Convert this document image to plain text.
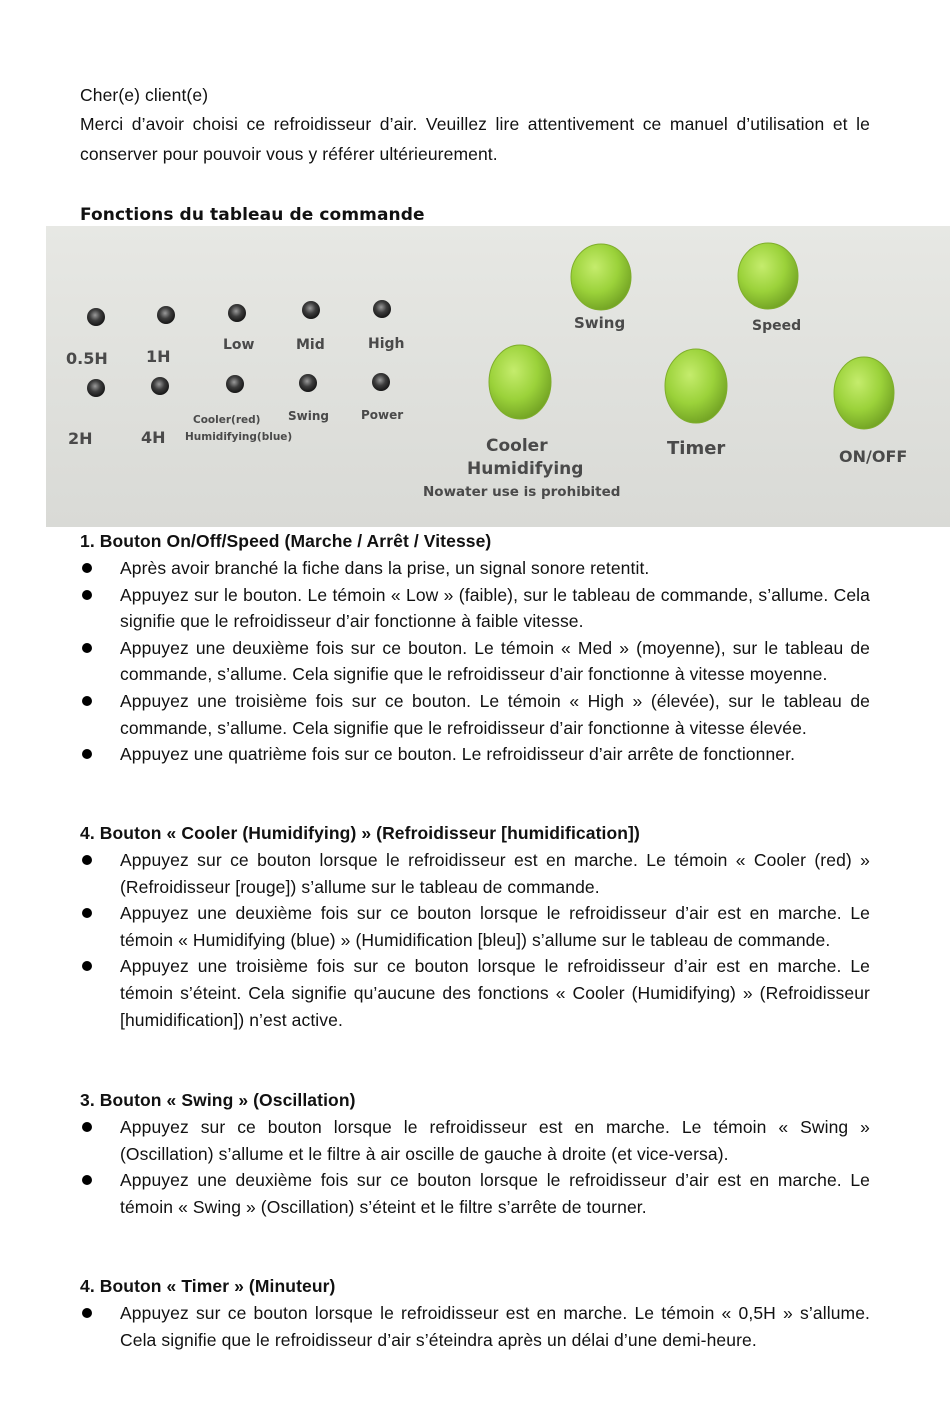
Cher(e) client(e)
Merci d’avoir choisi ce refroidisseur d’air. Veuillez lire attentivement ce manuel d’utilisation et le conserver pour pouvoir vous y référer ultérieurement.
Fonctions du tableau de commande
0.5H 1H
2H	4H
Low	Mid	High
Cooler(red)
Humidifying(blue)
Swing	Power
Swing	Speed
Cooler
Humidifying
Nowater use is prohibited
Timer	ON/OFF
1. Bouton On/Off/Speed (Marche / Arrêt / Vitesse)
Après avoir branché la fiche dans la prise, un signal sonore retentit.
Appuyez sur le bouton. Le témoin « Low » (faible), sur le tableau de commande, s’allume. Cela signifie que le refroidisseur d’air fonctionne à faible vitesse.
Appuyez une deuxième fois sur ce bouton. Le témoin « Med » (moyenne), sur le tableau de commande, s’allume. Cela signifie que le refroidisseur d’air fonctionne à vitesse moyenne.
Appuyez une troisième fois sur ce bouton. Le témoin « High » (élevée), sur le tableau de commande, s’allume. Cela signifie que le refroidisseur d’air fonctionne à vitesse élevée.
Appuyez une quatrième fois sur ce bouton. Le refroidisseur d’air arrête de fonctionner.
4. Bouton « Cooler (Humidifying) » (Refroidisseur [humidification])
Appuyez sur ce bouton lorsque le refroidisseur est en marche. Le témoin « Cooler (red) » (Refroidisseur [rouge]) s’allume sur le tableau de commande.
Appuyez une deuxième fois sur ce bouton lorsque le refroidisseur d’air est en marche. Le témoin « Humidifying (blue) » (Humidification [bleu]) s’allume sur le tableau de commande.
Appuyez une troisième fois sur ce bouton lorsque le refroidisseur d’air est en marche. Le témoin s’éteint. Cela signifie qu’aucune des fonctions « Cooler (Humidifying) » (Refroidisseur [humidification]) n’est active.
3. Bouton « Swing » (Oscillation)
Appuyez sur ce bouton lorsque le refroidisseur est en marche. Le témoin « Swing » (Oscillation) s’allume et le filtre à air oscille de gauche à droite (et vice-versa).
Appuyez une deuxième fois sur ce bouton lorsque le refroidisseur d’air est en marche. Le témoin « Swing » (Oscillation) s’éteint et le filtre s’arrête de tourner.
4. Bouton « Timer » (Minuteur)
Appuyez sur ce bouton lorsque le refroidisseur est en marche. Le témoin « 0,5H » s’allume. Cela signifie que le refroidisseur d’air s’éteindra après un délai d’une demi-heure.
